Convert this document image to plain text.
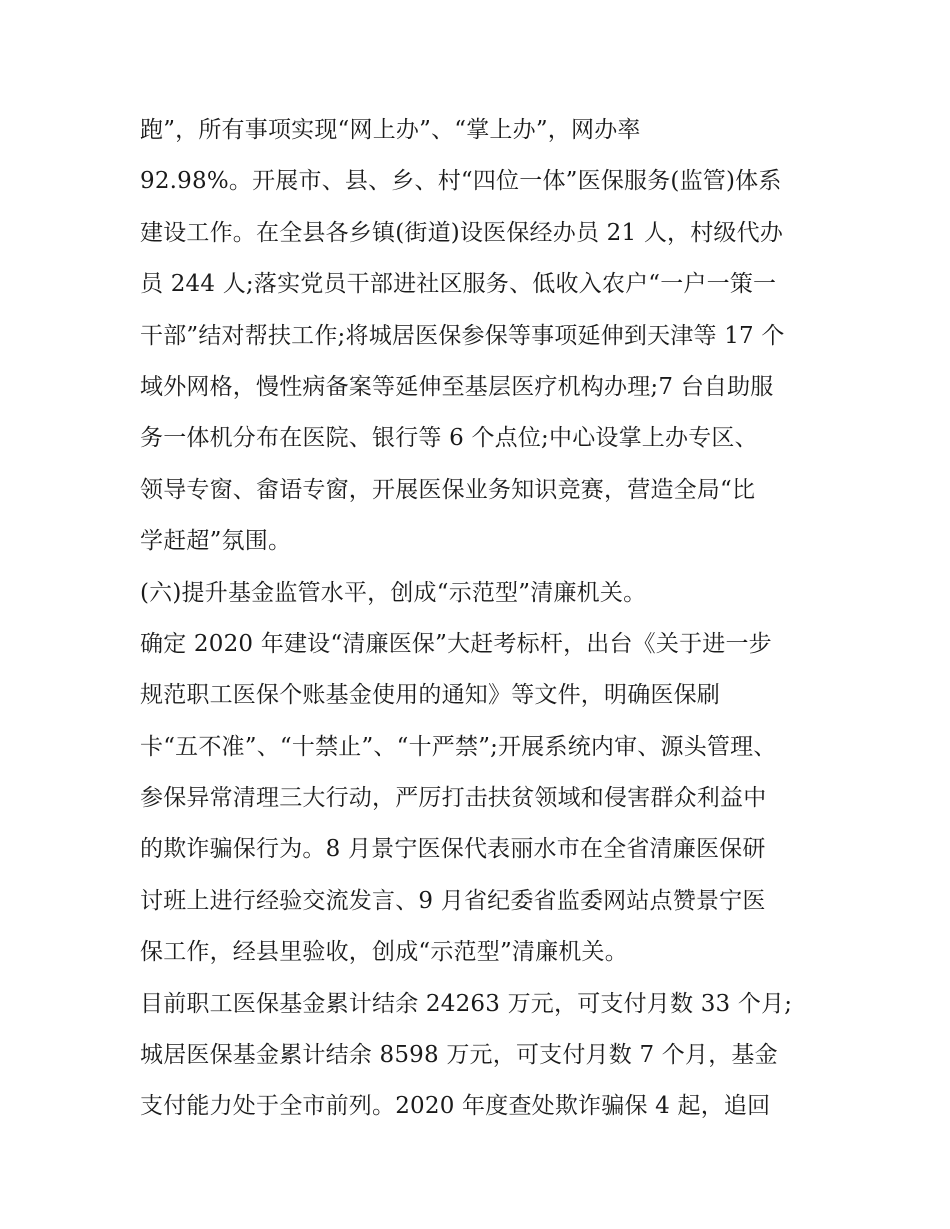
跑”，所有事项实现“网上办”、“掌上办”，网办率
92.98%。开展市、县、乡、村“四位一体”医保服务(监管)体系
建设工作。在全县各乡镇(街道)设医保经办员 21 人，村级代办
员 244 人;落实党员干部进社区服务、低收入农户“一户一策一
干部”结对帮扶工作;将城居医保参保等事项延伸到天津等 17 个
域外网格，慢性病备案等延伸至基层医疗机构办理;7 台自助服
务一体机分布在医院、银行等 6 个点位;中心设掌上办专区、
领导专窗、畲语专窗，开展医保业务知识竞赛，营造全局“比
学赶超”氛围。
(六)提升基金监管水平，创成“示范型”清廉机关。
确定 2020 年建设“清廉医保”大赶考标杆，出台《关于进一步
规范职工医保个账基金使用的通知》等文件，明确医保刷
卡“五不准”、“十禁止”、“十严禁”;开展系统内审、源头管理、
参保异常清理三大行动，严厉打击扶贫领域和侵害群众利益中
的欺诈骗保行为。8 月景宁医保代表丽水市在全省清廉医保研
讨班上进行经验交流发言、9 月省纪委省监委网站点赞景宁医
保工作，经县里验收，创成“示范型”清廉机关。
目前职工医保基金累计结余 24263 万元，可支付月数 33 个月;
城居医保基金累计结余 8598 万元，可支付月数 7 个月，基金
支付能力处于全市前列。2020 年度查处欺诈骗保 4 起，追回
